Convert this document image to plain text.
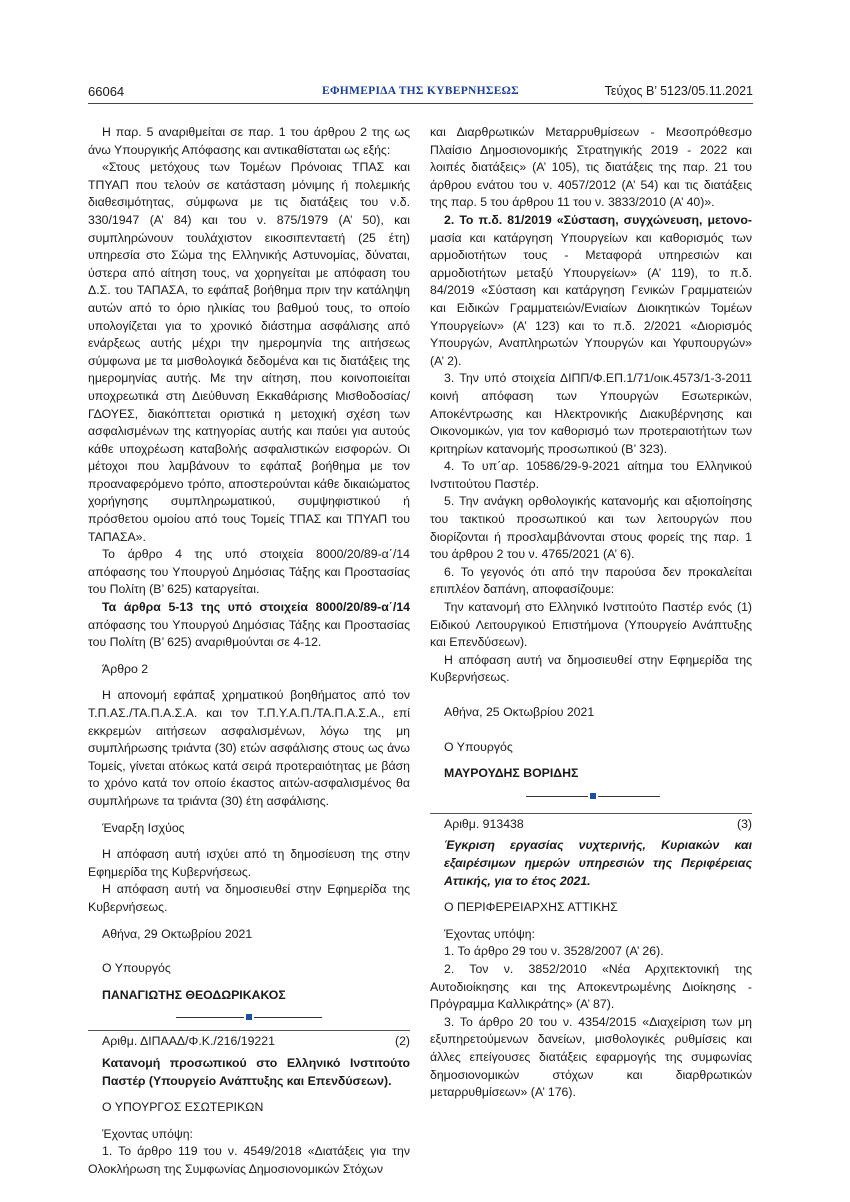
66064	ΕΦΗΜΕΡΙΔΑ ΤΗΣ ΚΥΒΕΡΝΗΣΕΩΣ	Τεύχος B’ 5123/05.11.2021

Η παρ. 5 αναριθμείται σε παρ. 1 του άρθρου 2 της ως άνω Υπουργικής Απόφασης και αντικαθίσταται ως εξής:

«Στους μετόχους των Τομέων Πρόνοιας ΤΠΑΣ και ΤΠΥΑΠ που τελούν σε κατάσταση μόνιμης ή πολεμικής διαθεσιμότητας, σύμφωνα με τις διατάξεις του ν.δ. 330/1947 (Α’ 84) και του ν. 875/1979 (Α’ 50), και συμπληρώνουν τουλάχιστον εικοσιπενταετή (25 έτη) υπηρεσία στο Σώμα της Ελληνικής Αστυνομίας, δύναται, ύστερα από αίτηση τους, να χορηγείται με απόφαση του Δ.Σ. του ΤΑΠΑΣΑ, το εφάπαξ βοήθημα πριν την κατάληψη αυτών από το όριο ηλικίας του βαθμού τους, το οποίο υπολογίζεται για το χρονικό διάστημα ασφάλισης από ενάρξεως αυτής μέχρι την ημερομηνία της αιτήσεως σύμφωνα με τα μισθολογικά δεδομένα και τις διατάξεις της ημερομηνίας αυτής. Με την αίτηση, που κοινοποιείται υποχρεωτικά στη Διεύθυνση Εκκαθάρισης Μισθοδοσίας/ΓΔΟΥΕΣ, διακόπτεται οριστικά η μετοχική σχέση των ασφαλισμένων της κατηγορίας αυτής και παύει για αυτούς κάθε υποχρέωση καταβολής ασφαλιστικών εισφορών. Οι μέτοχοι που λαμβάνουν το εφάπαξ βοήθημα με τον προαναφερόμενο τρόπο, αποστερούνται κάθε δικαιώματος χορήγησης συμπληρωματικού, συμψηφιστικού ή πρόσθετου ομοίου από τους Τομείς ΤΠΑΣ και ΤΠΥΑΠ του ΤΑΠΑΣΑ».

Το άρθρο 4 της υπό στοιχεία 8000/20/89-α΄/14 απόφασης του Υπουργού Δημόσιας Τάξης και Προστασίας του Πολίτη (Β’ 625) καταργείται.

Τα άρθρα 5-13 της υπό στοιχεία 8000/20/89-α΄/14 απόφασης του Υπουργού Δημόσιας Τάξης και Προστασίας του Πολίτη (Β’ 625) αναριθμούνται σε 4-12.

Άρθρο 2

Η απονομή εφάπαξ χρηματικού βοηθήματος από τον Τ.Π.ΑΣ./ΤΑ.Π.Α.Σ.Α. και τον Τ.Π.Υ.Α.Π./ΤΑ.Π.Α.Σ.Α., επί εκκρεμών αιτήσεων ασφαλισμένων, λόγω της μη συμπλήρωσης τριάντα (30) ετών ασφάλισης στους ως άνω Τομείς, γίνεται ατόκως κατά σειρά προτεραιότητας με βάση το χρόνο κατά τον οποίο έκαστος αιτών-ασφαλισμένος θα συμπλήρωνε τα τριάντα (30) έτη ασφάλισης.

Έναρξη Ισχύος

Η απόφαση αυτή ισχύει από τη δημοσίευση της στην Εφημερίδα της Κυβερνήσεως.

Η απόφαση αυτή να δημοσιευθεί στην Εφημερίδα της Κυβερνήσεως.

Αθήνα, 29 Οκτωβρίου 2021

Ο Υπουργός

ΠΑΝΑΓΙΩΤΗΣ ΘΕΟΔΩΡΙΚΑΚΟΣ

Αριθμ. ΔΙΠΑΑΔ/Φ.Κ./216/19221	(2)

Κατανομή προσωπικού στο Ελληνικό Ινστιτούτο Παστέρ (Υπουργείο Ανάπτυξης και Επενδύσεων).

Ο ΥΠΟΥΡΓΟΣ ΕΣΩΤΕΡΙΚΩΝ

Έχοντας υπόψη:

1. Το άρθρο 119 του ν. 4549/2018 «Διατάξεις για την Ολοκλήρωση της Συμφωνίας Δημοσιονομικών Στόχων

και Διαρθρωτικών Μεταρρυθμίσεων - Μεσοπρόθεσμο Πλαίσιο Δημοσιονομικής Στρατηγικής 2019 - 2022 και λοιπές διατάξεις» (Α’ 105), τις διατάξεις της παρ. 21 του άρθρου ενάτου του ν. 4057/2012 (Α’ 54) και τις διατάξεις της παρ. 5 του άρθρου 11 του ν. 3833/2010 (Α’ 40)».

2. Το π.δ. 81/2019 «Σύσταση, συγχώνευση, μετονο-μασία και κατάργηση Υπουργείων και καθορισμός των αρμοδιοτήτων τους - Μεταφορά υπηρεσιών και αρμοδιοτήτων μεταξύ Υπουργείων» (Α’ 119), το π.δ. 84/2019 «Σύσταση και κατάργηση Γενικών Γραμματειών και Ειδικών Γραμματειών/Ενιαίων Διοικητικών Τομέων Υπουργείων» (Α’ 123) και το π.δ. 2/2021 «Διορισμός Υπουργών, Αναπληρωτών Υπουργών και Υφυπουργών» (Α’ 2).

3. Την υπό στοιχεία ΔΙΠΠ/Φ.ΕΠ.1/71/οικ.4573/1-3-2011 κοινή απόφαση των Υπουργών Εσωτερικών, Αποκέντρωσης και Ηλεκτρονικής Διακυβέρνησης και Οικονομικών, για τον καθορισμό των προτεραιοτήτων των κριτηρίων κατανομής προσωπικού (Β’ 323).

4. Το υπ΄αρ. 10586/29-9-2021 αίτημα του Ελληνικού Ινστιτούτου Παστέρ.

5. Την ανάγκη ορθολογικής κατανομής και αξιοποίησης του τακτικού προσωπικού και των λειτουργών που διορίζονται ή προσλαμβάνονται στους φορείς της παρ. 1 του άρθρου 2 του ν. 4765/2021 (Α’ 6).

6. Το γεγονός ότι από την παρούσα δεν προκαλείται επιπλέον δαπάνη, αποφασίζουμε:

Την κατανομή στο Ελληνικό Ινστιτούτο Παστέρ ενός (1) Ειδικού Λειτουργικού Επιστήμονα (Υπουργείο Ανάπτυξης και Επενδύσεων).

Η απόφαση αυτή να δημοσιευθεί στην Εφημερίδα της Κυβερνήσεως.

Αθήνα, 25 Οκτωβρίου 2021

Ο Υπουργός

ΜΑΥΡΟΥΔΗΣ ΒΟΡΙΔΗΣ

Αριθμ. 913438	(3)

Έγκριση εργασίας νυχτερινής, Κυριακών και εξαιρέσιμων ημερών υπηρεσιών της Περιφέρειας Αττικής, για το έτος 2021.

Ο ΠΕΡΙΦΕΡΕΙΑΡΧΗΣ ΑΤΤΙΚΗΣ

Έχοντας υπόψη:

1. Το άρθρο 29 του ν. 3528/2007 (Α’ 26).

2. Τον ν. 3852/2010 «Νέα Αρχιτεκτονική της Αυτοδιοίκησης και της Αποκεντρωμένης Διοίκησης - Πρόγραμμα Καλλικράτης» (Α’ 87).

3. Το άρθρο 20 του ν. 4354/2015 «Διαχείριση των μη εξυπηρετούμενων δανείων, μισθολογικές ρυθμίσεις και άλλες επείγουσες διατάξεις εφαρμογής της συμφωνίας δημοσιονομικών στόχων και διαρθρωτικών μεταρρυθμίσεων» (Α’ 176).
